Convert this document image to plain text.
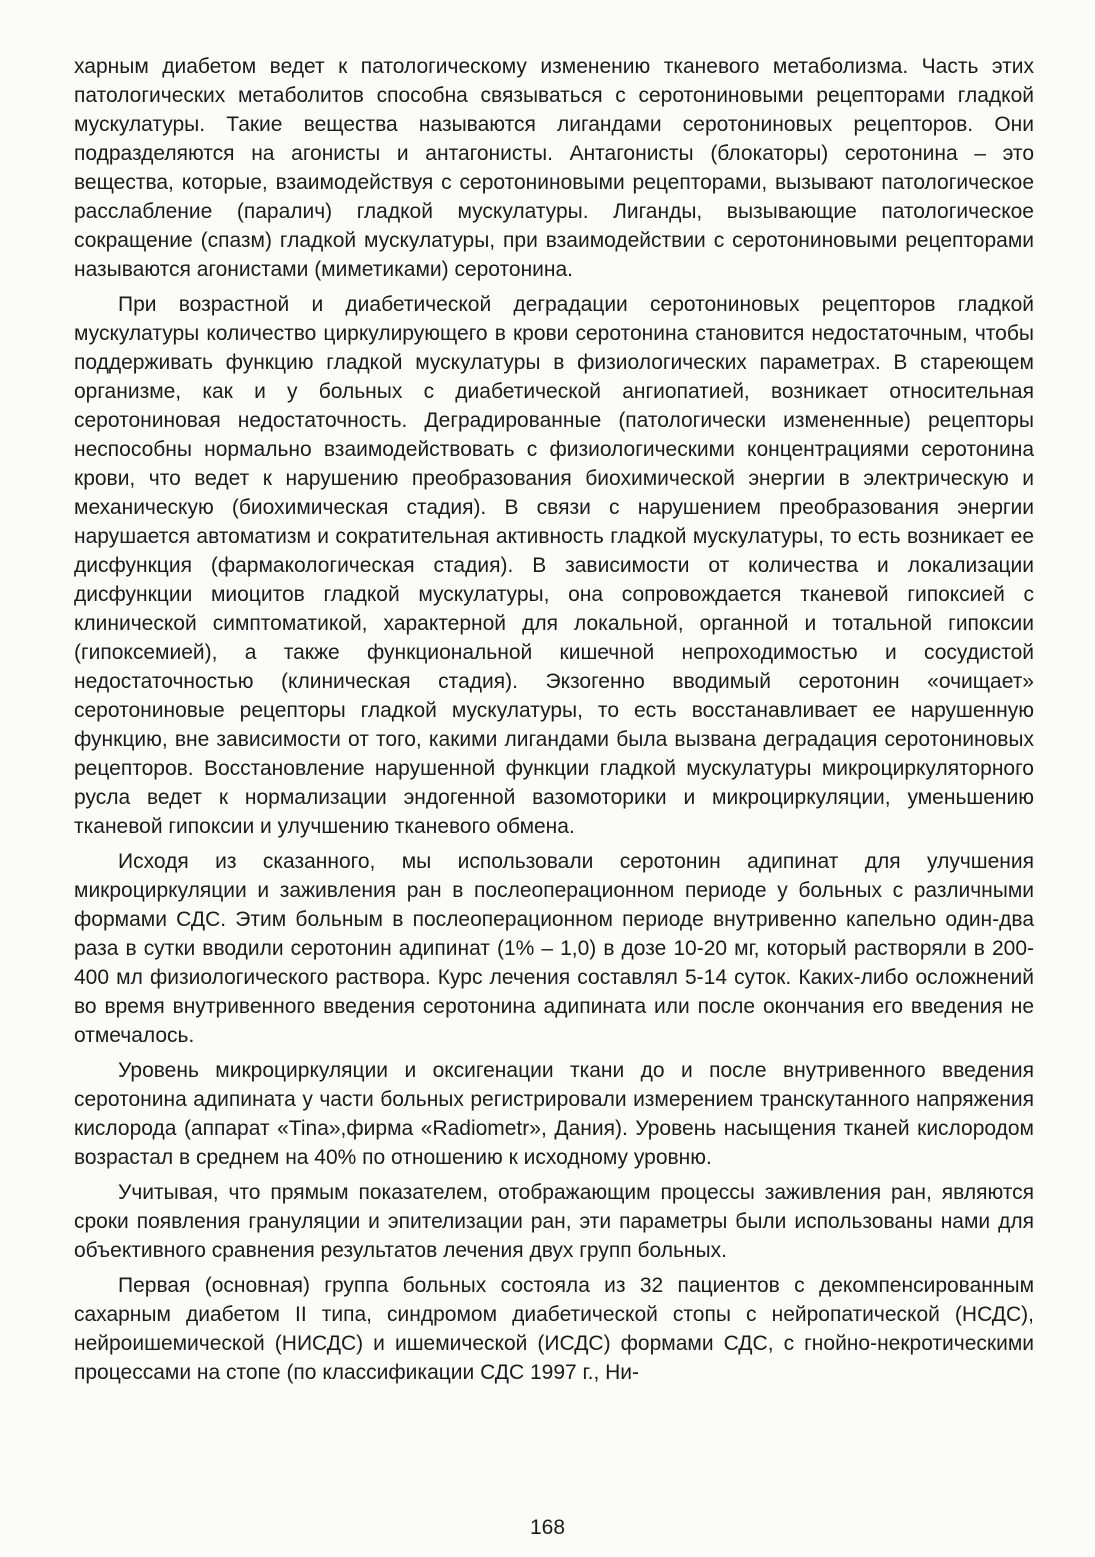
харным диабетом ведет к патологическому изменению тканевого метаболизма. Часть этих патологических метаболитов способна связываться с серотониновыми рецепторами гладкой мускулатуры. Такие вещества называются лигандами серотониновых рецепторов. Они подразделяются на агонисты и антагонисты. Антагонисты (блокаторы) серотонина – это вещества, которые, взаимодействуя с серотониновыми рецепторами, вызывают патологическое расслабление (паралич) гладкой мускулатуры. Лиганды, вызывающие патологическое сокращение (спазм) гладкой мускулатуры, при взаимодействии с серотониновыми рецепторами называются агонистами (миметиками) серотонина.

При возрастной и диабетической деградации серотониновых рецепторов гладкой мускулатуры количество циркулирующего в крови серотонина становится недостаточным, чтобы поддерживать функцию гладкой мускулатуры в физиологических параметрах. В стареющем организме, как и у больных с диабетической ангиопатией, возникает относительная серотониновая недостаточность. Деградированные (патологически измененные) рецепторы неспособны нормально взаимодействовать с физиологическими концентрациями серотонина крови, что ведет к нарушению преобразования биохимической энергии в электрическую и механическую (биохимическая стадия). В связи с нарушением преобразования энергии нарушается автоматизм и сократительная активность гладкой мускулатуры, то есть возникает ее дисфункция (фармакологическая стадия). В зависимости от количества и локализации дисфункции миоцитов гладкой мускулатуры, она сопровождается тканевой гипоксией с клинической симптоматикой, характерной для локальной, органной и тотальной гипоксии (гипоксемией), а также функциональной кишечной непроходимостью и сосудистой недостаточностью (клиническая стадия). Экзогенно вводимый серотонин «очищает» серотониновые рецепторы гладкой мускулатуры, то есть восстанавливает ее нарушенную функцию, вне зависимости от того, какими лигандами была вызвана деградация серотониновых рецепторов. Восстановление нарушенной функции гладкой мускулатуры микроциркуляторного русла ведет к нормализации эндогенной вазомоторики и микроциркуляции, уменьшению тканевой гипоксии и улучшению тканевого обмена.

Исходя из сказанного, мы использовали серотонин адипинат для улучшения микроциркуляции и заживления ран в послеоперационном периоде у больных с различными формами СДС. Этим больным в послеоперационном периоде внутривенно капельно один-два раза в сутки вводили серотонин адипинат (1% – 1,0) в дозе 10-20 мг, который растворяли в 200-400 мл физиологического раствора. Курс лечения составлял 5-14 суток. Каких-либо осложнений во время внутривенного введения серотонина адипината или после окончания его введения не отмечалось.

Уровень микроциркуляции и оксигенации ткани до и после внутривенного введения серотонина адипината у части больных регистрировали измерением транскутанного напряжения кислорода (аппарат «Tina»,фирма «Radiometr», Дания). Уровень насыщения тканей кислородом возрастал в среднем на 40% по отношению к исходному уровню.

Учитывая, что прямым показателем, отображающим процессы заживления ран, являются сроки появления грануляции и эпителизации ран, эти параметры были использованы нами для объективного сравнения результатов лечения двух групп больных.

Первая (основная) группа больных состояла из 32 пациентов с декомпенсированным сахарным диабетом II типа, синдромом диабетической стопы с нейропатической (НСДС), нейроишемической (НИСДС) и ишемической (ИСДС) формами СДС, с гнойно-некротическими процессами на стопе (по классификации СДС 1997 г., Ни-

168
